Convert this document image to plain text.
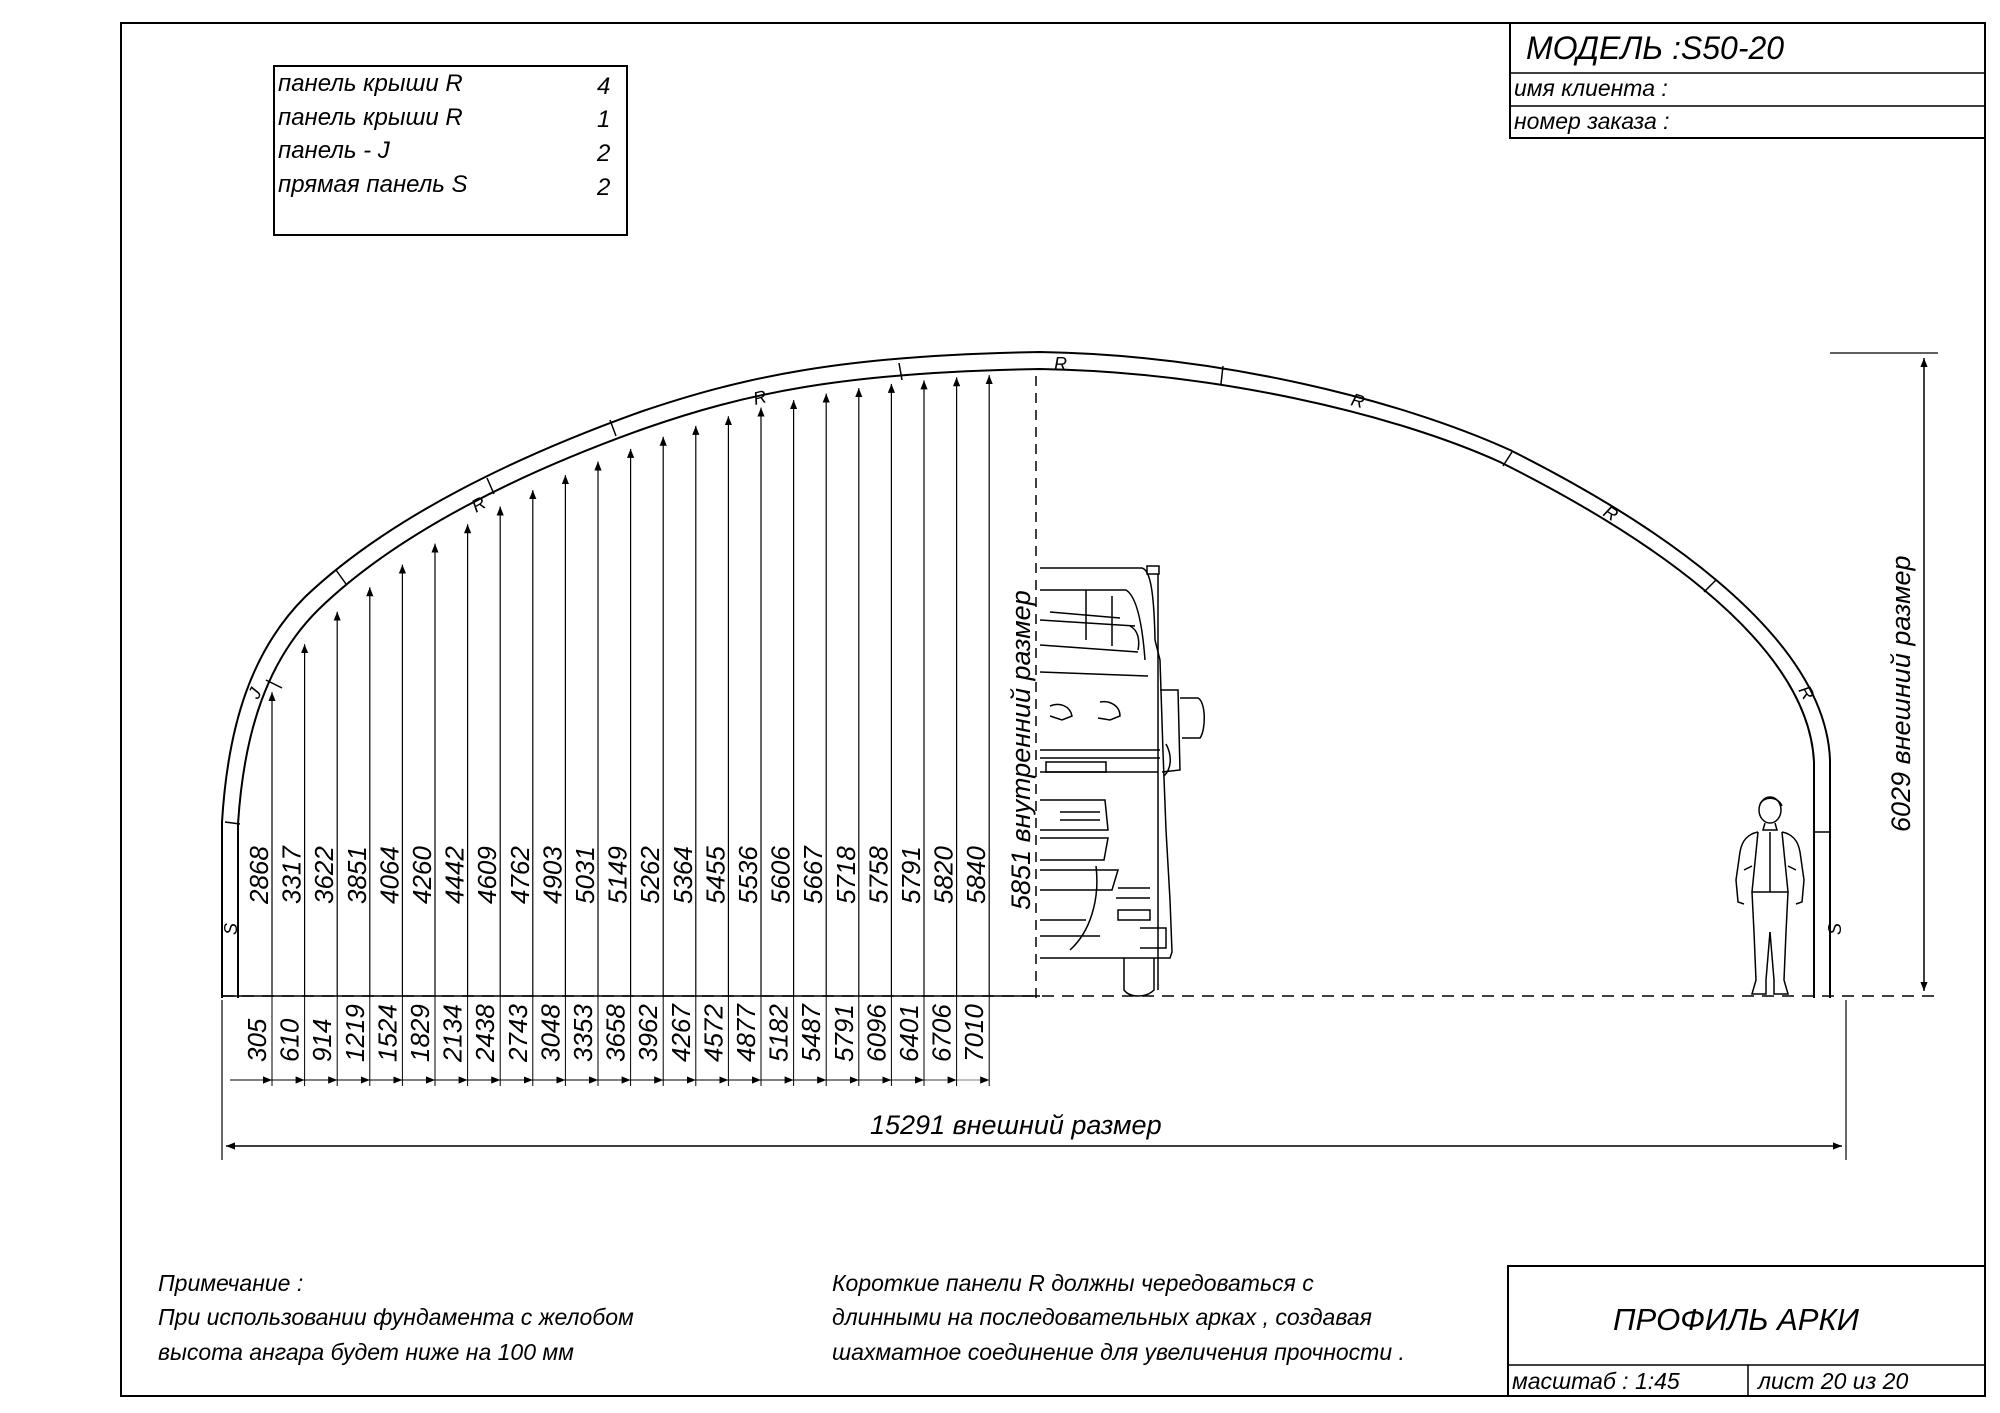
МОДЕЛЬ :S50-20
имя клиента :
номер заказа :
панель крыши R	4
панель крыши R	1
панель - J	2
прямая панель S	2
S
J
R
R
R
R
R
R
S
2868 3317 3622 3851 4064 4260 4442 4609 4762 4903 5031 5149 5262 5364 5455 5536 5606 5667 5718 5758 5791 5820 5840
305 610 914 1219 1524 1829 2134 2438 2743 3048 3353 3658 3962 4267 4572 4877 5182 5487 5791 6096 6401 6706 7010
5851 внутренний размер	6029 внешний размер
15291 внешний размер
Примечание :
При использовании фундамента с желобом
высота ангара будет ниже на 100 мм
Короткие панели R должны чередоваться с
длинными на последовательных арках , создавая
шахматное соединение для увеличения прочности .
ПРОФИЛЬ АРКИ
масштаб : 1:45	лист 20 из 20
